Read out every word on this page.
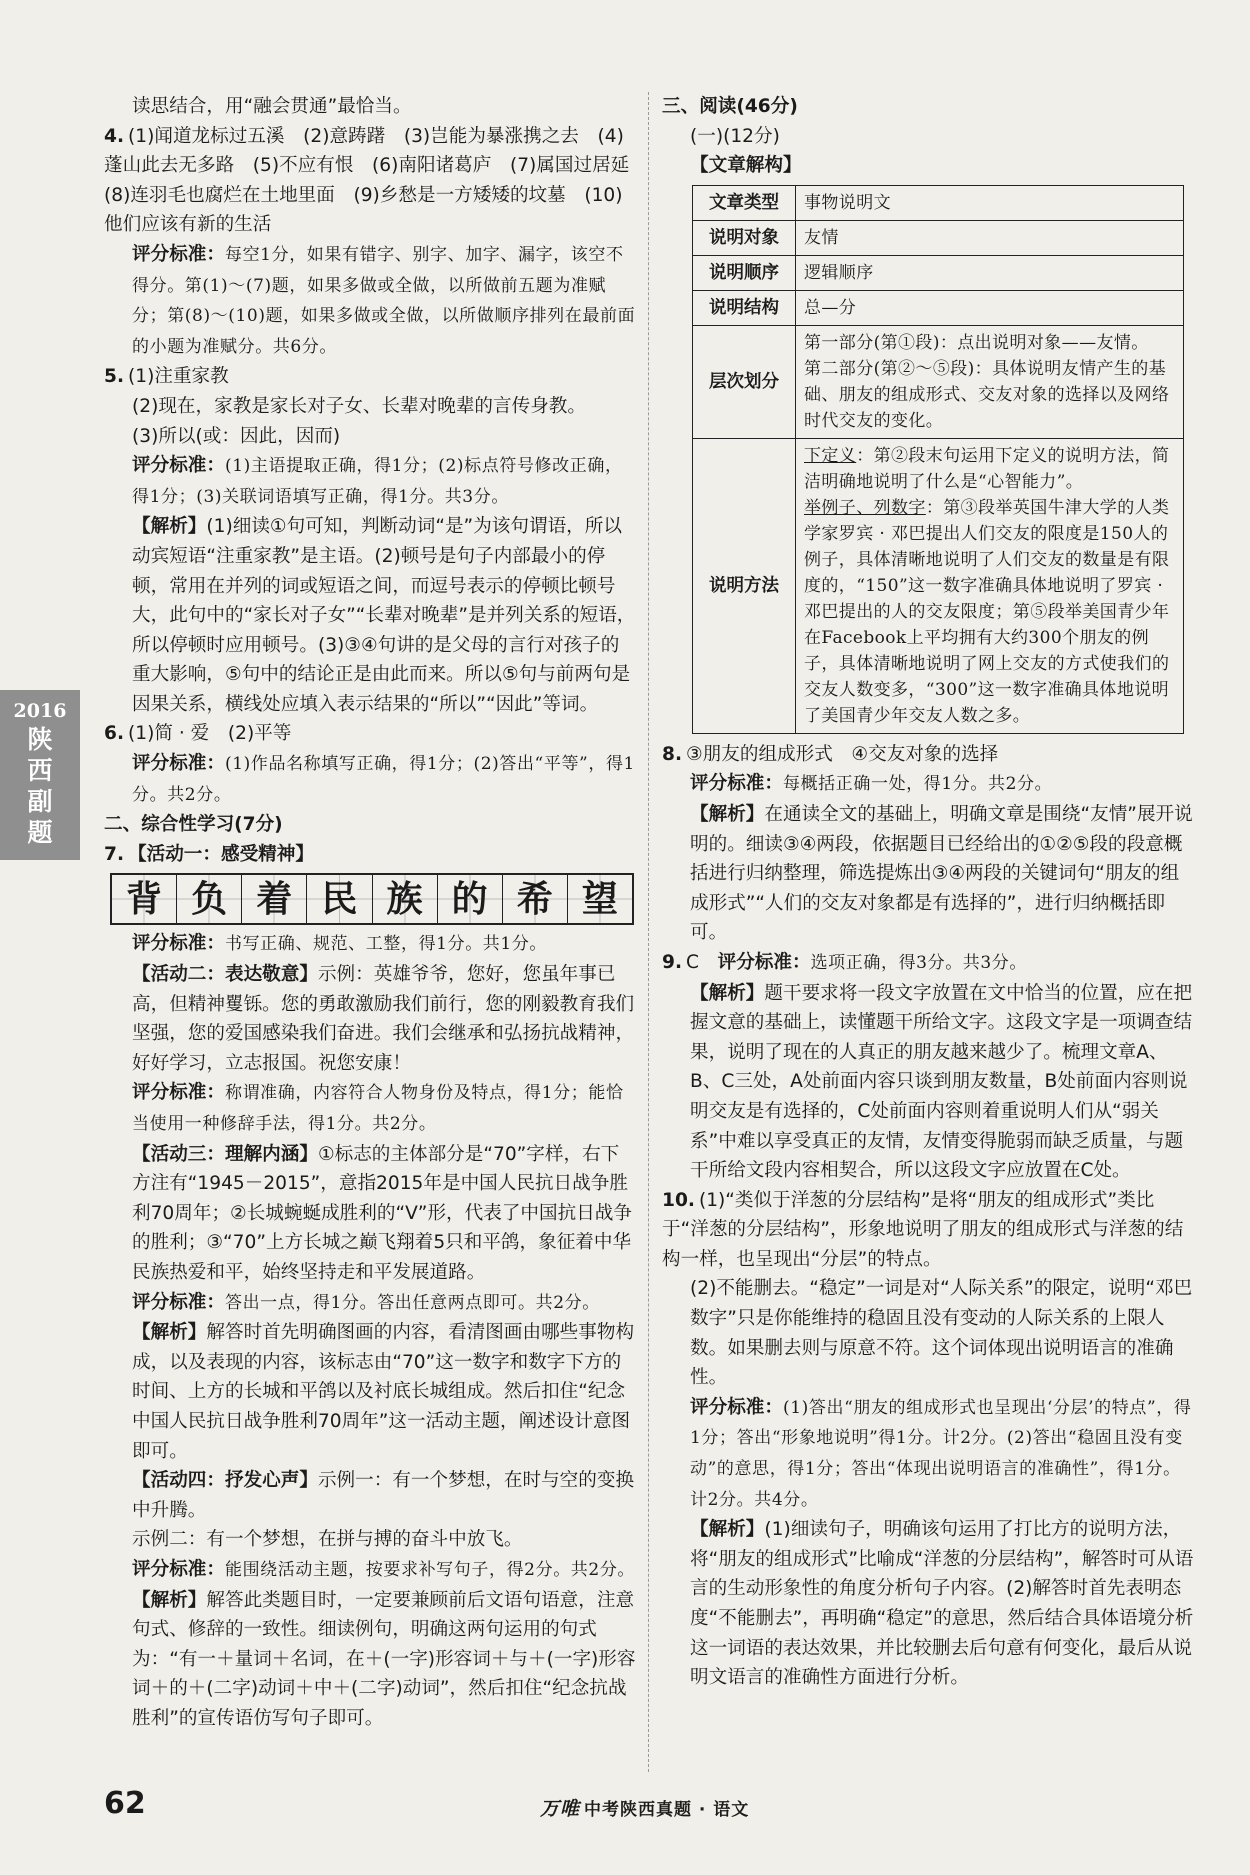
2016
陕西副题

读思结合，用“融会贯通”最恰当。

4. (1)闻道龙标过五溪　(2)意踌躇　(3)岂能为暴涨携之去　(4)蓬山此去无多路　(5)不应有恨　(6)南阳诸葛庐　(7)属国过居延　(8)连羽毛也腐烂在土地里面　(9)乡愁是一方矮矮的坟墓　(10)他们应该有新的生活

评分标准：每空1分，如果有错字、别字、加字、漏字，该空不得分。第(1)～(7)题，如果多做或全做，以所做前五题为准赋分；第(8)～(10)题，如果多做或全做，以所做顺序排列在最前面的小题为准赋分。共6分。

5. (1)注重家教

(2)现在，家教是家长对子女、长辈对晚辈的言传身教。

(3)所以(或：因此，因而)

评分标准：(1)主语提取正确，得1分；(2)标点符号修改正确，得1分；(3)关联词语填写正确，得1分。共3分。

【解析】(1)细读①句可知，判断动词“是”为该句谓语，所以动宾短语“注重家教”是主语。(2)顿号是句子内部最小的停顿，常用在并列的词或短语之间，而逗号表示的停顿比顿号大，此句中的“家长对子女”“长辈对晚辈”是并列关系的短语，所以停顿时应用顿号。(3)③④句讲的是父母的言行对孩子的重大影响，⑤句中的结论正是由此而来。所以⑤句与前两句是因果关系，横线处应填入表示结果的“所以”“因此”等词。

6. (1)简 · 爱　(2)平等

评分标准：(1)作品名称填写正确，得1分；(2)答出“平等”，得1分。共2分。

二、综合性学习(7分)

7. 【活动一：感受精神】

背 负 着 民 族 的 希 望

评分标准：书写正确、规范、工整，得1分。共1分。

【活动二：表达敬意】示例：英雄爷爷，您好，您虽年事已高，但精神矍铄。您的勇敢激励我们前行，您的刚毅教育我们坚强，您的爱国感染我们奋进。我们会继承和弘扬抗战精神，好好学习，立志报国。祝您安康！

评分标准：称谓准确，内容符合人物身份及特点，得1分；能恰当使用一种修辞手法，得1分。共2分。

【活动三：理解内涵】①标志的主体部分是“70”字样，右下方注有“1945－2015”，意指2015年是中国人民抗日战争胜利70周年；②长城蜿蜒成胜利的“V”形，代表了中国抗日战争的胜利；③“70”上方长城之巅飞翔着5只和平鸽，象征着中华民族热爱和平，始终坚持走和平发展道路。

评分标准：答出一点，得1分。答出任意两点即可。共2分。

【解析】解答时首先明确图画的内容，看清图画由哪些事物构成，以及表现的内容，该标志由“70”这一数字和数字下方的时间、上方的长城和平鸽以及衬底长城组成。然后扣住“纪念中国人民抗日战争胜利70周年”这一活动主题，阐述设计意图即可。

【活动四：抒发心声】示例一：有一个梦想，在时与空的变换中升腾。

示例二：有一个梦想，在拼与搏的奋斗中放飞。

评分标准：能围绕活动主题，按要求补写句子，得2分。共2分。

【解析】解答此类题目时，一定要兼顾前后文语句语意，注意句式、修辞的一致性。细读例句，明确这两句运用的句式为：“有一＋量词＋名词，在＋(一字)形容词＋与＋(一字)形容词＋的＋(二字)动词＋中＋(二字)动词”，然后扣住“纪念抗战胜利”的宣传语仿写句子即可。

三、阅读(46分)

(一)(12分)

【文章解构】

文章类型	事物说明文
说明对象	友情
说明顺序	逻辑顺序
说明结构	总—分
层次划分	第一部分(第①段)：点出说明对象——友情。
第二部分(第②～⑤段)：具体说明友情产生的基础、朋友的组成形式、交友对象的选择以及网络时代交友的变化。

说明方法	下定义：第②段末句运用下定义的说明方法，简洁明确地说明了什么是“心智能力”。
举例子、列数字：第③段举英国牛津大学的人类学家罗宾 · 邓巴提出人们交友的限度是150人的例子，具体清晰地说明了人们交友的数量是有限度的，“150”这一数字准确具体地说明了罗宾 · 邓巴提出的人的交友限度；第⑤段举美国青少年在Facebook上平均拥有大约300个朋友的例子，具体清晰地说明了网上交友的方式使我们的交友人数变多，“300”这一数字准确具体地说明了美国青少年交友人数之多。

8. ③朋友的组成形式　④交友对象的选择

评分标准：每概括正确一处，得1分。共2分。

【解析】在通读全文的基础上，明确文章是围绕“友情”展开说明的。细读③④两段，依据题目已经给出的①②⑤段的段意概括进行归纳整理，筛选提炼出③④两段的关键词句“朋友的组成形式”“人们的交友对象都是有选择的”，进行归纳概括即可。

9. C　评分标准：选项正确，得3分。共3分。

【解析】题干要求将一段文字放置在文中恰当的位置，应在把握文意的基础上，读懂题干所给文字。这段文字是一项调查结果，说明了现在的人真正的朋友越来越少了。梳理文章A、B、C三处，A处前面内容只谈到朋友数量，B处前面内容则说明交友是有选择的，C处前面内容则着重说明人们从“弱关系”中难以享受真正的友情，友情变得脆弱而缺乏质量，与题干所给文段内容相契合，所以这段文字应放置在C处。

10. (1)“类似于洋葱的分层结构”是将“朋友的组成形式”类比于“洋葱的分层结构”，形象地说明了朋友的组成形式与洋葱的结构一样，也呈现出“分层”的特点。

(2)不能删去。“稳定”一词是对“人际关系”的限定，说明“邓巴数字”只是你能维持的稳固且没有变动的人际关系的上限人数。如果删去则与原意不符。这个词体现出说明语言的准确性。

评分标准：(1)答出“朋友的组成形式也呈现出‘分层’的特点”，得1分；答出“形象地说明”得1分。计2分。(2)答出“稳固且没有变动”的意思，得1分；答出“体现出说明语言的准确性”，得1分。计2分。共4分。

【解析】(1)细读句子，明确该句运用了打比方的说明方法，将“朋友的组成形式”比喻成“洋葱的分层结构”，解答时可从语言的生动形象性的角度分析句子内容。(2)解答时首先表明态度“不能删去”，再明确“稳定”的意思，然后结合具体语境分析这一词语的表达效果，并比较删去后句意有何变化，最后从说明文语言的准确性方面进行分析。

62	万唯 中考陕西真题 · 语文
